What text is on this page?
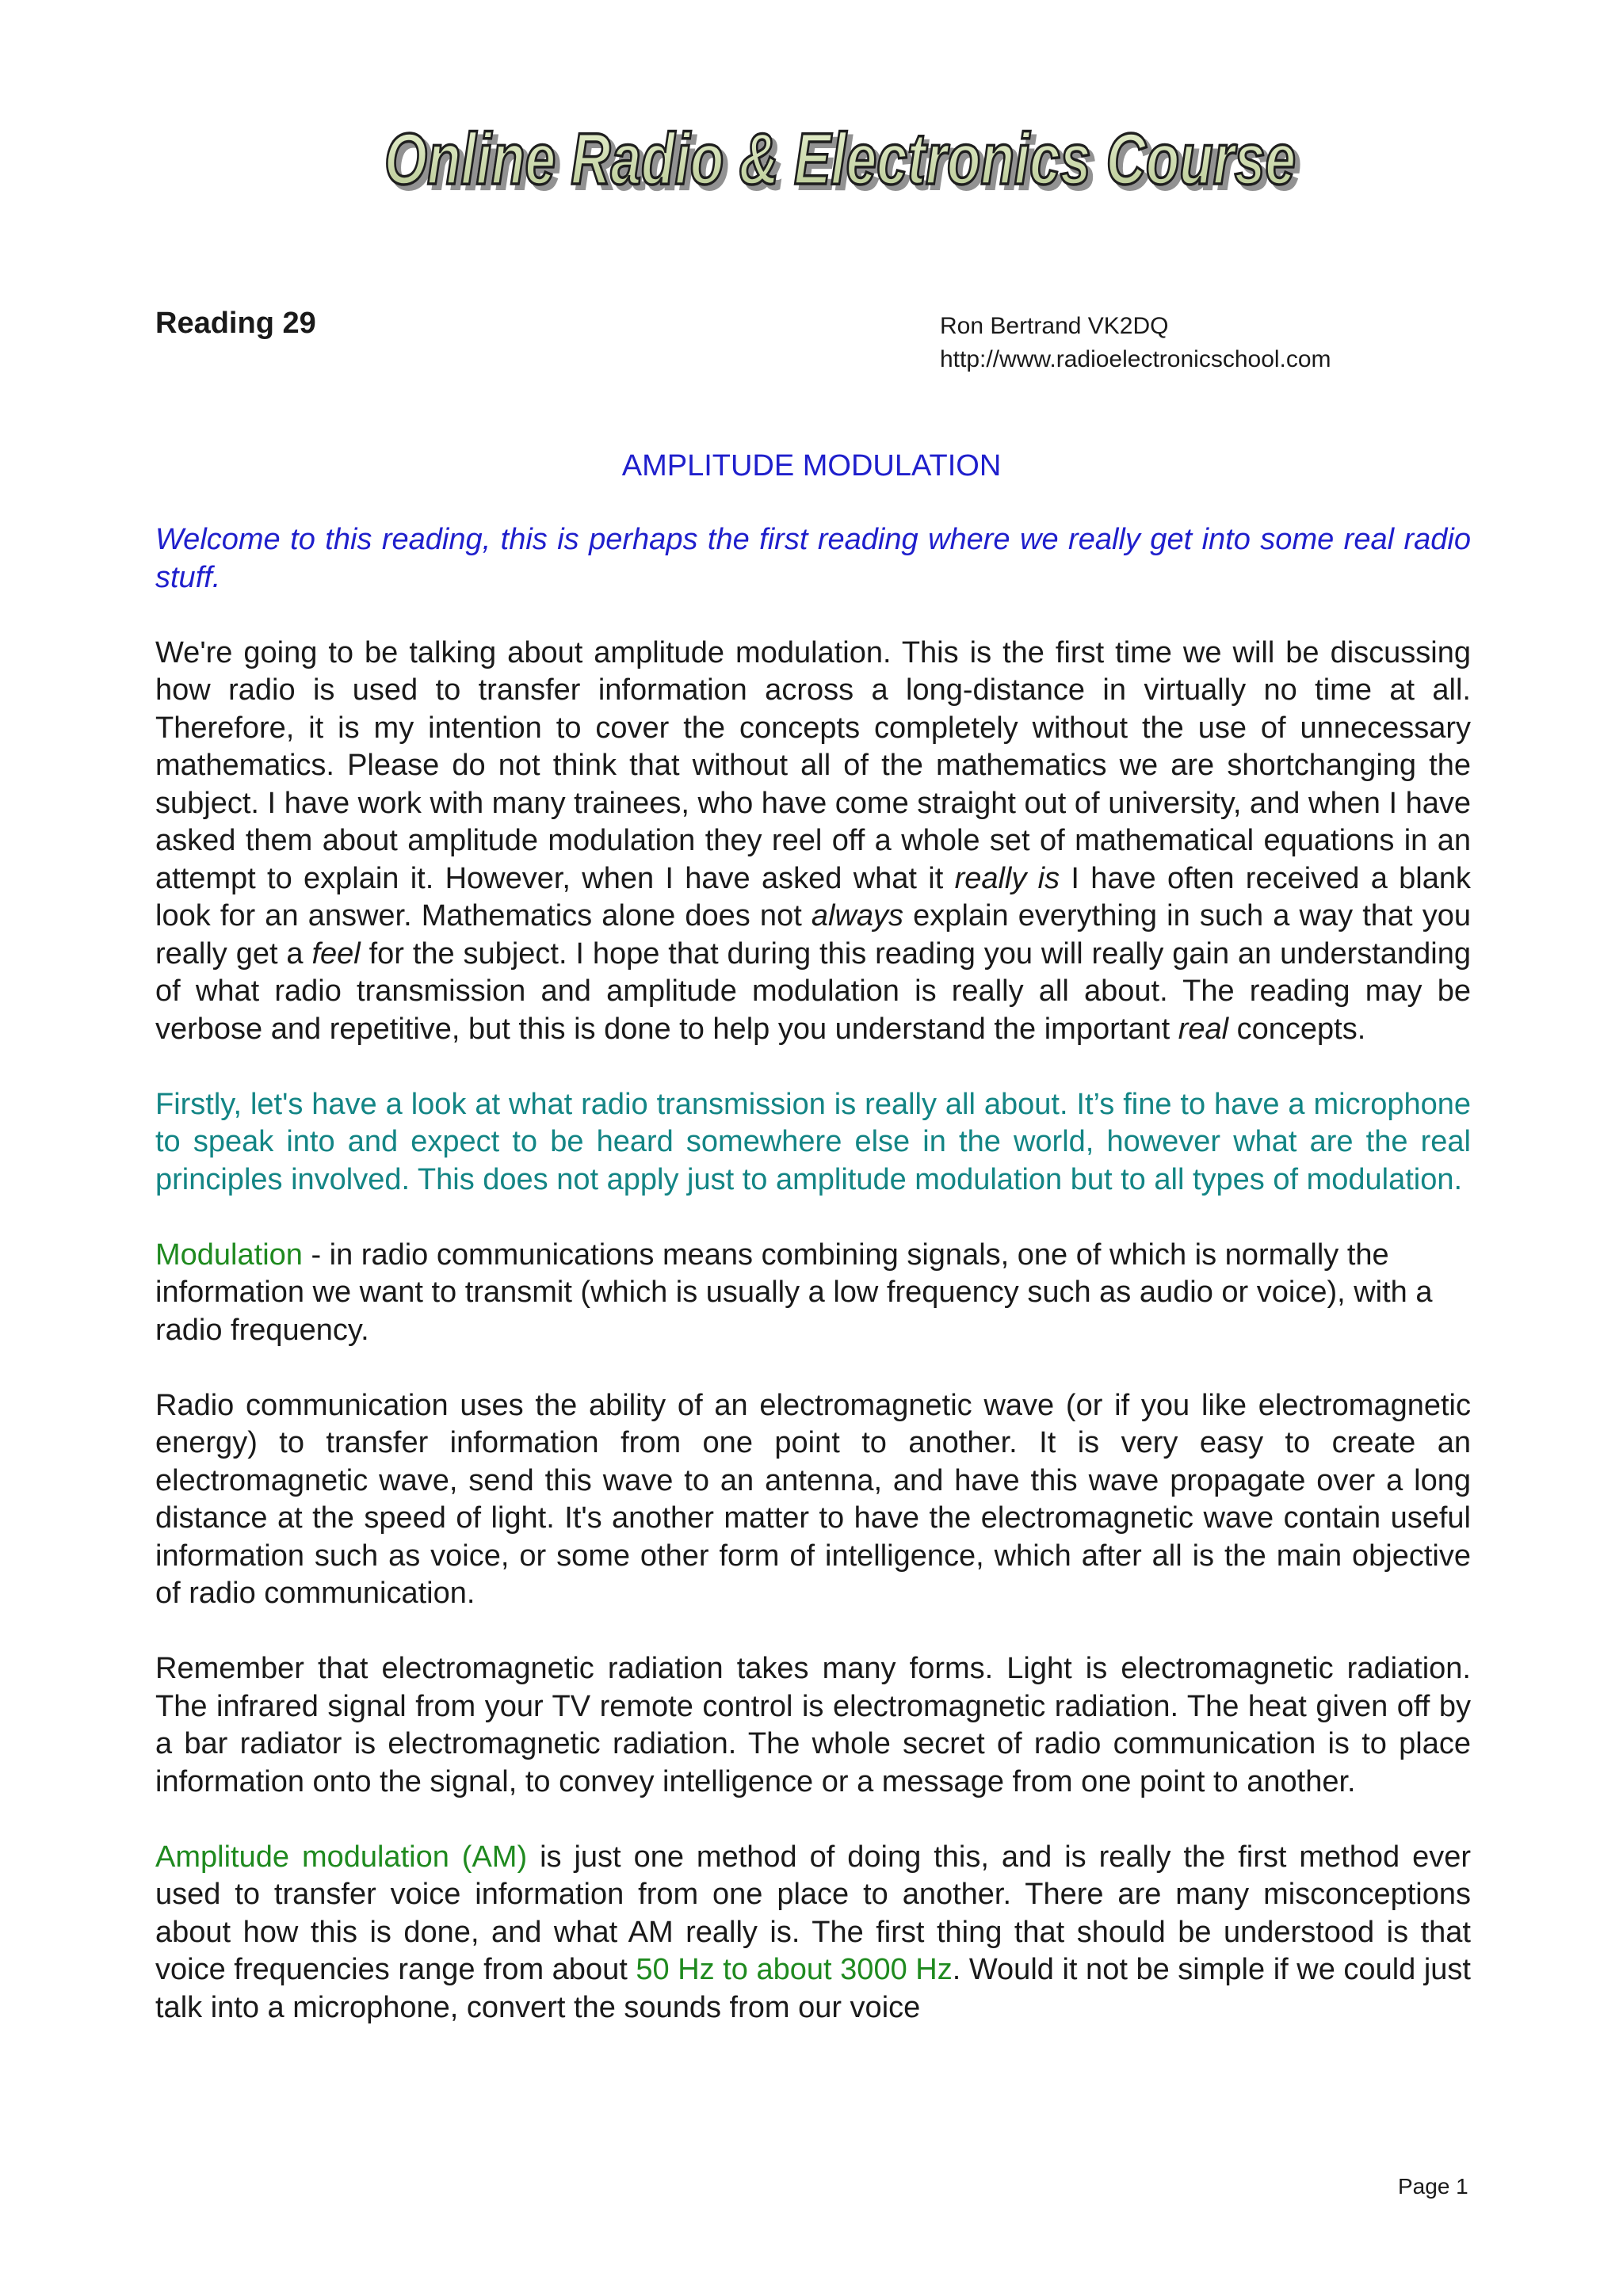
Online Radio & Electronics Course
Online Radio & Electronics Course
Reading 29	Ron Bertrand VK2DQ
http://www.radioelectronicschool.com
AMPLITUDE MODULATION

Welcome to this reading, this is perhaps the first reading where we really get into some real radio stuff.

We're going to be talking about amplitude modulation. This is the first time we will be discussing how radio is used to transfer information across a long-distance in virtually no time at all. Therefore, it is my intention to cover the concepts completely without the use of unnecessary mathematics. Please do not think that without all of the mathematics we are shortchanging the subject. I have work with many trainees, who have come straight out of university, and when I have asked them about amplitude modulation they reel off a whole set of mathematical equations in an attempt to explain it. However, when I have asked what it really is I have often received a blank look for an answer. Mathematics alone does not always explain everything in such a way that you really get a feel for the subject. I hope that during this reading you will really gain an understanding of what radio transmission and amplitude modulation is really all about. The reading may be verbose and repetitive, but this is done to help you understand the important real concepts.

Firstly, let's have a look at what radio transmission is really all about. It’s fine to have a microphone to speak into and expect to be heard somewhere else in the world, however what are the real principles involved. This does not apply just to amplitude modulation but to all types of modulation.

Modulation - in radio communications means combining signals, one of which is normally the information we want to transmit (which is usually a low frequency such as audio or voice), with a radio frequency.

Radio communication uses the ability of an electromagnetic wave (or if you like electromagnetic energy) to transfer information from one point to another. It is very easy to create an electromagnetic wave, send this wave to an antenna, and have this wave propagate over a long distance at the speed of light. It's another matter to have the electromagnetic wave contain useful information such as voice, or some other form of intelligence, which after all is the main objective of radio communication.

Remember that electromagnetic radiation takes many forms. Light is electromagnetic radiation. The infrared signal from your TV remote control is electromagnetic radiation. The heat given off by a bar radiator is electromagnetic radiation. The whole secret of radio communication is to place information onto the signal, to convey intelligence or a message from one point to another.

Amplitude modulation (AM) is just one method of doing this, and is really the first method ever used to transfer voice information from one place to another. There are many misconceptions about how this is done, and what AM really is. The first thing that should be understood is that voice frequencies range from about 50 Hz to about 3000 Hz. Would it not be simple if we could just talk into a microphone, convert the sounds from our voice

Page 1
